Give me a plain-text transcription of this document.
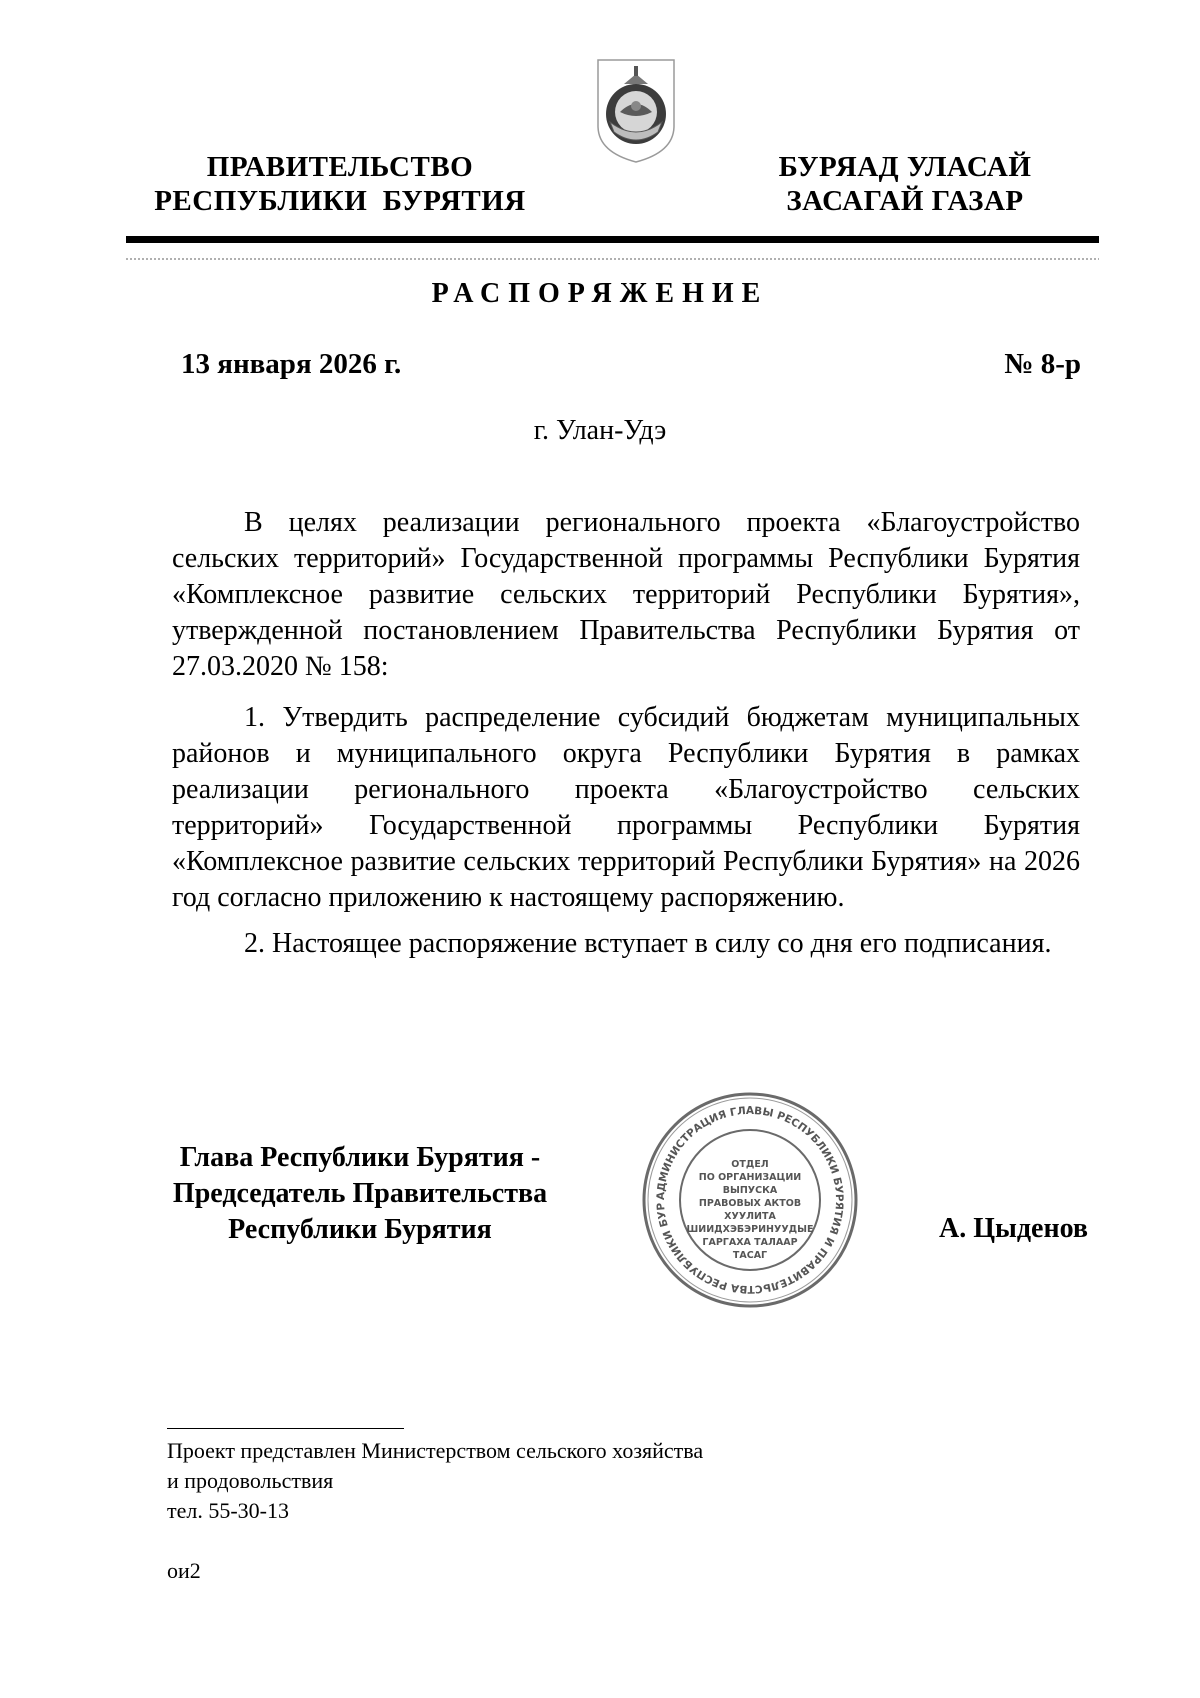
ПРАВИТЕЛЬСТВО
РЕСПУБЛИКИ  БУРЯТИЯ
БУРЯАД УЛАСАЙ
ЗАСАГАЙ ГАЗАР
РАСПОРЯЖЕНИЕ
13 января 2026 г.	№ 8-р
г. Улан-Удэ

В целях реализации регионального проекта «Благоустройство сельских территорий» Государственной программы Республики Бурятия «Комплексное развитие сельских территорий Республики Бурятия», утвержденной постановлением Правительства Республики Бурятия от 27.03.2020 № 158:

1. Утвердить распределение субсидий бюджетам муниципальных районов и муниципального округа Республики Бурятия в рамках реализации регионального проекта «Благоустройство сельских территорий» Государственной программы Республики Бурятия «Комплексное развитие сельских территорий Республики Бурятия» на 2026 год согласно приложению к настоящему распоряжению.

2. Настоящее распоряжение вступает в силу со дня его подписания.

Глава Республики Бурятия -
Председатель Правительства
Республики Бурятия
АДМИНИСТРАЦИЯ ГЛАВЫ РЕСПУБЛИКИ БУРЯТИЯ И ПРАВИТЕЛЬСТВА РЕСПУБЛИКИ БУР
ОТДЕЛ
ПО ОРГАНИЗАЦИИ
ВЫПУСКА
ПРАВОВЫХ АКТОВ
ХУУЛИТА
ШИИДХЭБЭРИНУУДЫЕ
ГАРГАХА ТАЛААР
ТАСАГ
А. Цыденов
Проект представлен Министерством сельского хозяйства
и продовольствия
тел. 55-30-13
ои2
